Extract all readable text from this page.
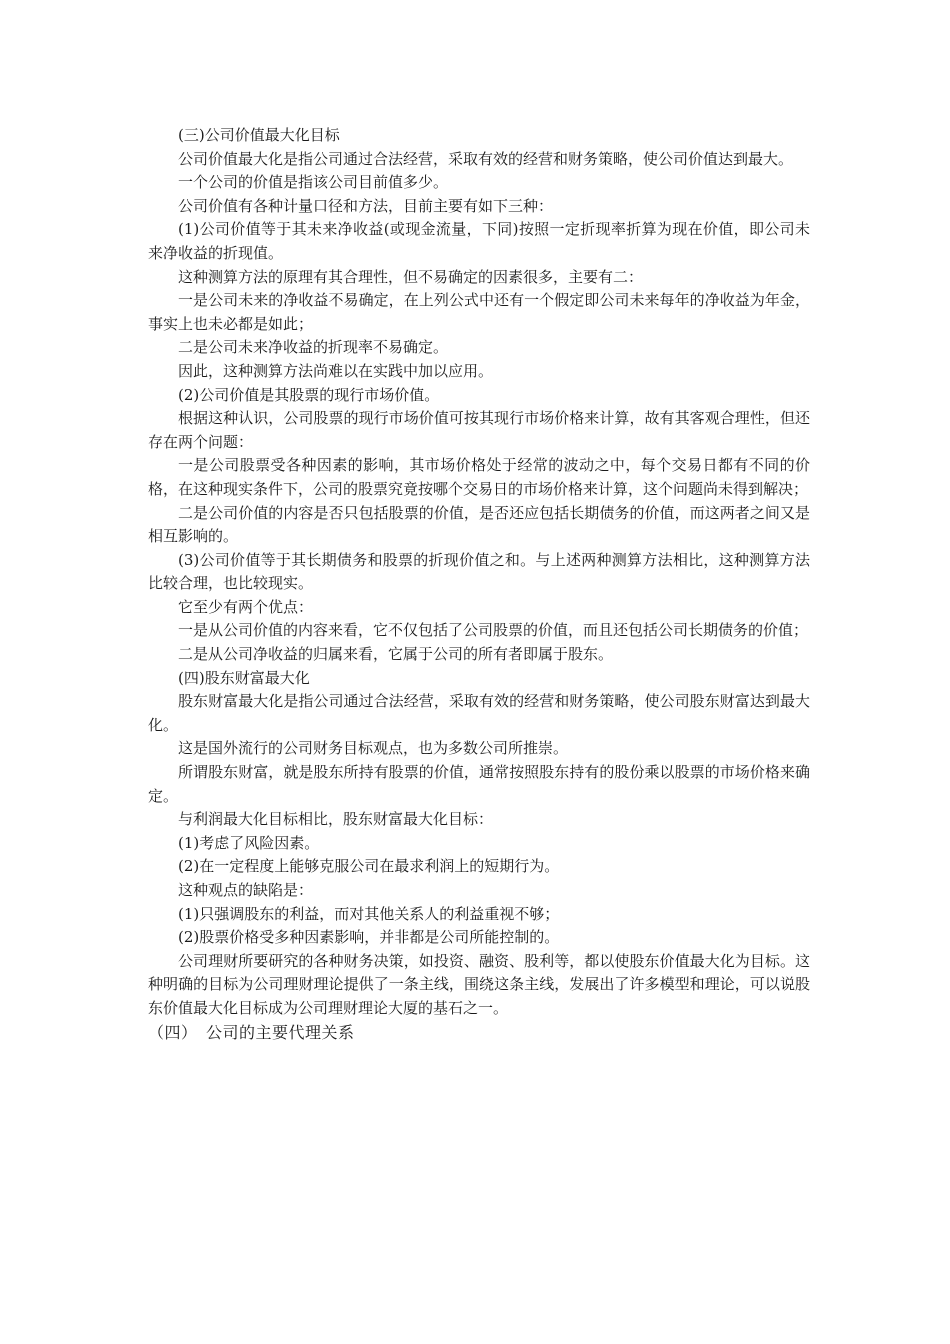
(三)公司价值最大化目标

公司价值最大化是指公司通过合法经营，采取有效的经营和财务策略，使公司价值达到最大。

一个公司的价值是指该公司目前值多少。

公司价值有各种计量口径和方法，目前主要有如下三种：

(1)公司价值等于其未来净收益(或现金流量，下同)按照一定折现率折算为现在价值，即公司未来净收益的折现值。

这种测算方法的原理有其合理性，但不易确定的因素很多，主要有二：

一是公司未来的净收益不易确定，在上列公式中还有一个假定即公司未来每年的净收益为年金，事实上也未必都是如此；

二是公司未来净收益的折现率不易确定。

因此，这种测算方法尚难以在实践中加以应用。

(2)公司价值是其股票的现行市场价值。

根据这种认识，公司股票的现行市场价值可按其现行市场价格来计算，故有其客观合理性，但还存在两个问题：

一是公司股票受各种因素的影响，其市场价格处于经常的波动之中，每个交易日都有不同的价格，在这种现实条件下，公司的股票究竟按哪个交易日的市场价格来计算，这个问题尚未得到解决；

二是公司价值的内容是否只包括股票的价值，是否还应包括长期债务的价值，而这两者之间又是相互影响的。

(3)公司价值等于其长期债务和股票的折现价值之和。与上述两种测算方法相比，这种测算方法比较合理，也比较现实。

它至少有两个优点：

一是从公司价值的内容来看，它不仅包括了公司股票的价值，而且还包括公司长期债务的价值；

二是从公司净收益的归属来看，它属于公司的所有者即属于股东。

(四)股东财富最大化

股东财富最大化是指公司通过合法经营，采取有效的经营和财务策略，使公司股东财富达到最大化。

这是国外流行的公司财务目标观点，也为多数公司所推崇。

所谓股东财富，就是股东所持有股票的价值，通常按照股东持有的股份乘以股票的市场价格来确定。

与利润最大化目标相比，股东财富最大化目标：

(1)考虑了风险因素。

(2)在一定程度上能够克服公司在最求利润上的短期行为。

这种观点的缺陷是：

(1)只强调股东的利益，而对其他关系人的利益重视不够；

(2)股票价格受多种因素影响，并非都是公司所能控制的。

公司理财所要研究的各种财务决策，如投资、融资、股利等，都以使股东价值最大化为目标。这种明确的目标为公司理财理论提供了一条主线，围绕这条主线，发展出了许多模型和理论，可以说股东价值最大化目标成为公司理财理论大厦的基石之一。

（四）　公司的主要代理关系
